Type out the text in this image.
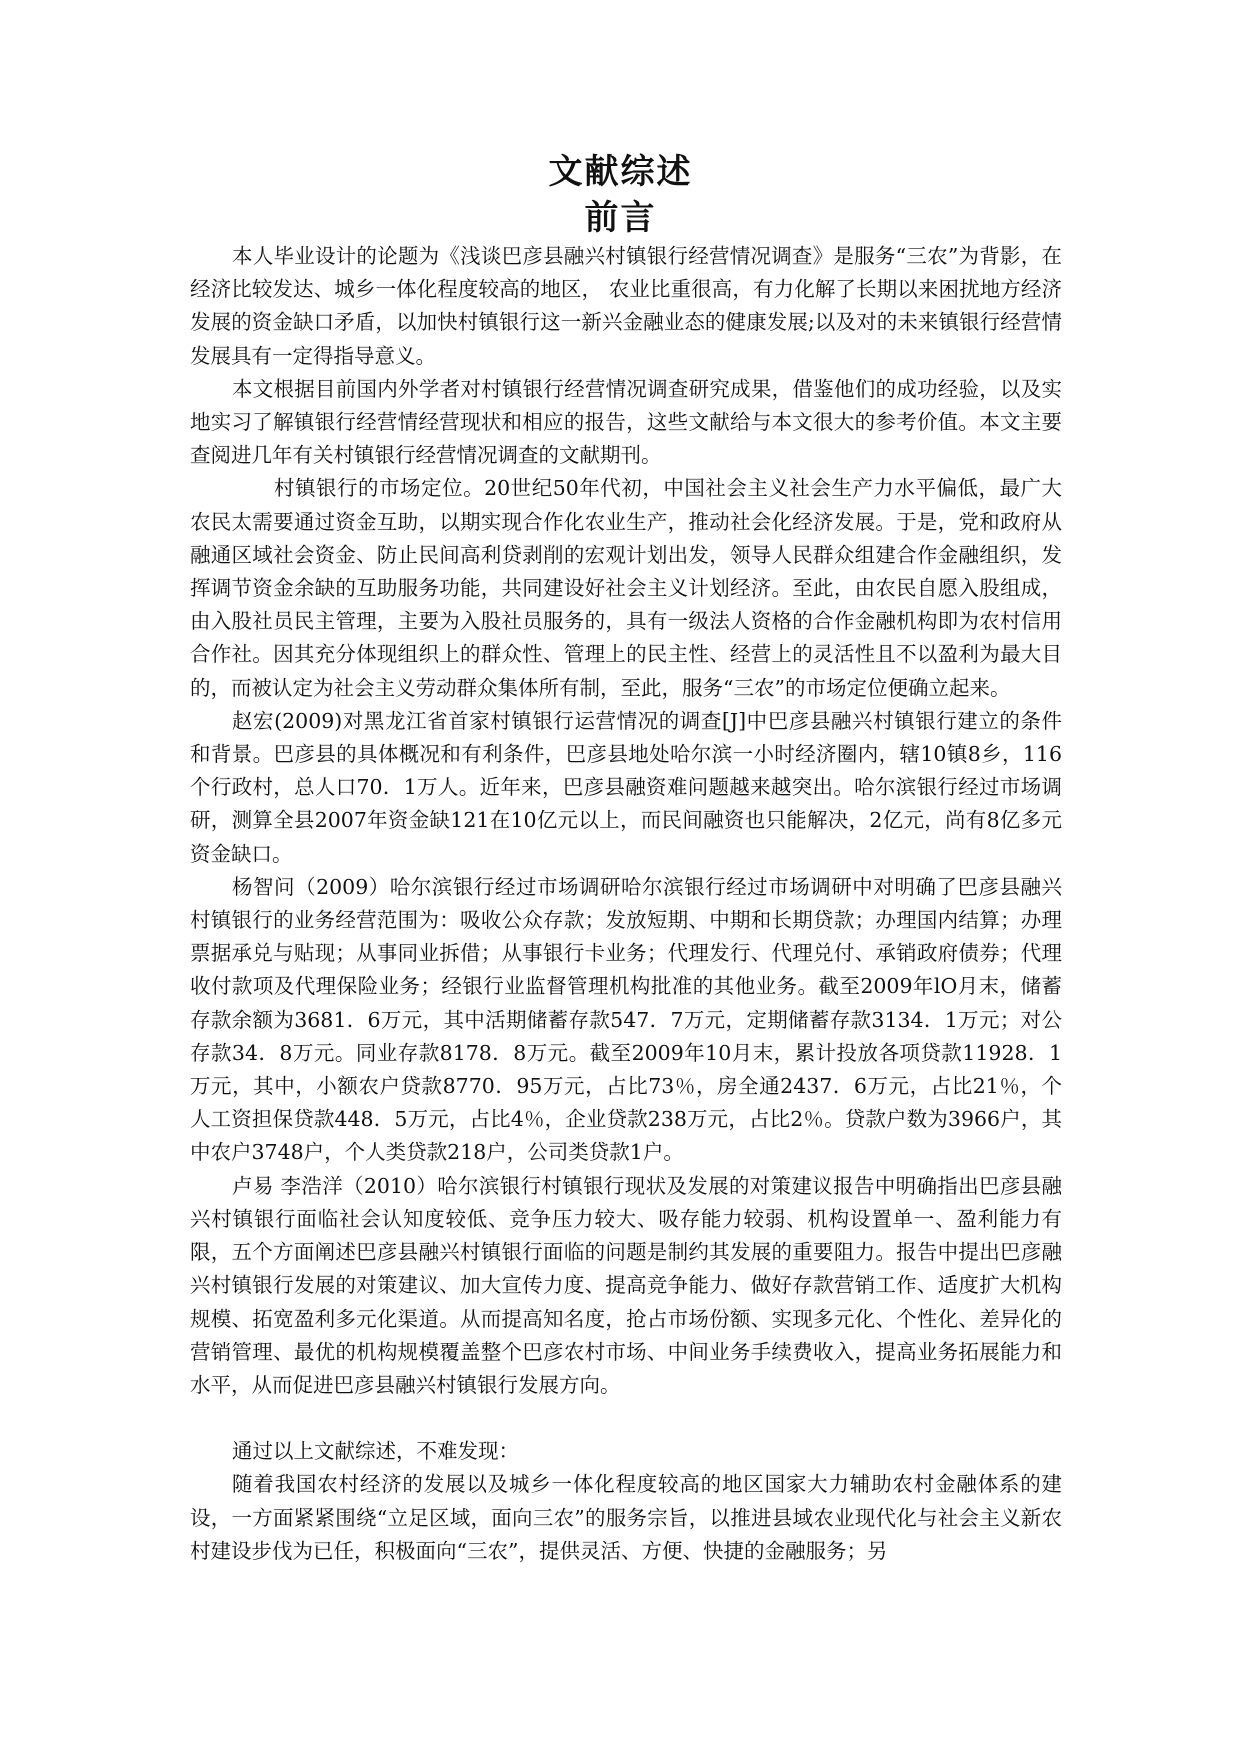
文献综述
前言

本人毕业设计的论题为《浅谈巴彦县融兴村镇银行经营情况调查》是服务“三农”为背影，在经济比较发达、城乡一体化程度较高的地区， 农业比重很高，有力化解了长期以来困扰地方经济发展的资金缺口矛盾，以加快村镇银行这一新兴金融业态的健康发展;以及对的未来镇银行经营情发展具有一定得指导意义。

本文根据目前国内外学者对村镇银行经营情况调查研究成果，借鉴他们的成功经验，以及实地实习了解镇银行经营情经营现状和相应的报告，这些文献给与本文很大的参考价值。本文主要查阅进几年有关村镇银行经营情况调查的文献期刊。

村镇银行的市场定位。20世纪50年代初，中国社会主义社会生产力水平偏低，最广大农民太需要通过资金互助，以期实现合作化农业生产，推动社会化经济发展。于是，党和政府从融通区域社会资金、防止民间高利贷剥削的宏观计划出发，领导人民群众组建合作金融组织，发挥调节资金余缺的互助服务功能，共同建设好社会主义计划经济。至此，由农民自愿入股组成，由入股社员民主管理，主要为入股社员服务的，具有一级法人资格的合作金融机构即为农村信用合作社。因其充分体现组织上的群众性、管理上的民主性、经营上的灵活性且不以盈利为最大目的，而被认定为社会主义劳动群众集体所有制，至此，服务“三农”的市场定位便确立起来。

赵宏(2009)对黑龙江省首家村镇银行运营情况的调查[J]中巴彦县融兴村镇银行建立的条件和背景。巴彦县的具体概况和有利条件，巴彦县地处哈尔滨一小时经济圈内，辖10镇8乡，116个行政村，总人口70．1万人。近年来，巴彦县融资难问题越来越突出。哈尔滨银行经过市场调研，测算全县2007年资金缺121在10亿元以上，而民间融资也只能解决，2亿元，尚有8亿多元资金缺口。

杨智问（2009）哈尔滨银行经过市场调研哈尔滨银行经过市场调研中对明确了巴彦县融兴村镇银行的业务经营范围为：吸收公众存款；发放短期、中期和长期贷款；办理国内结算；办理票据承兑与贴现；从事同业拆借；从事银行卡业务；代理发行、代理兑付、承销政府债券；代理收付款项及代理保险业务；经银行业监督管理机构批准的其他业务。截至2009年lO月末，储蓄存款余额为3681．6万元，其中活期储蓄存款547．7万元，定期储蓄存款3134．1万元；对公存款34．8万元。同业存款8178．8万元。截至2009年10月末，累计投放各项贷款11928．1万元，其中，小额农户贷款8770．95万元，占比73％，房全通2437．6万元，占比21％，个人工资担保贷款448．5万元，占比4％，企业贷款238万元，占比2％。贷款户数为3966户，其中农户3748户，个人类贷款218户，公司类贷款1户。

卢易 李浩洋（2010）哈尔滨银行村镇银行现状及发展的对策建议报告中明确指出巴彦县融兴村镇银行面临社会认知度较低、竞争压力较大、吸存能力较弱、机构设置单一、盈利能力有限，五个方面阐述巴彦县融兴村镇银行面临的问题是制约其发展的重要阻力。报告中提出巴彦融兴村镇银行发展的对策建议、加大宣传力度、提高竞争能力、做好存款营销工作、适度扩大机构规模、拓宽盈利多元化渠道。从而提高知名度，抢占市场份额、实现多元化、个性化、差异化的营销管理、最优的机构规模覆盖整个巴彦农村市场、中间业务手续费收入，提高业务拓展能力和水平，从而促进巴彦县融兴村镇银行发展方向。

通过以上文献综述，不难发现：

随着我国农村经济的发展以及城乡一体化程度较高的地区国家大力辅助农村金融体系的建设，一方面紧紧围绕“立足区域，面向三农”的服务宗旨，以推进县域农业现代化与社会主义新农村建设步伐为已任，积极面向“三农”，提供灵活、方便、快捷的金融服务；另
